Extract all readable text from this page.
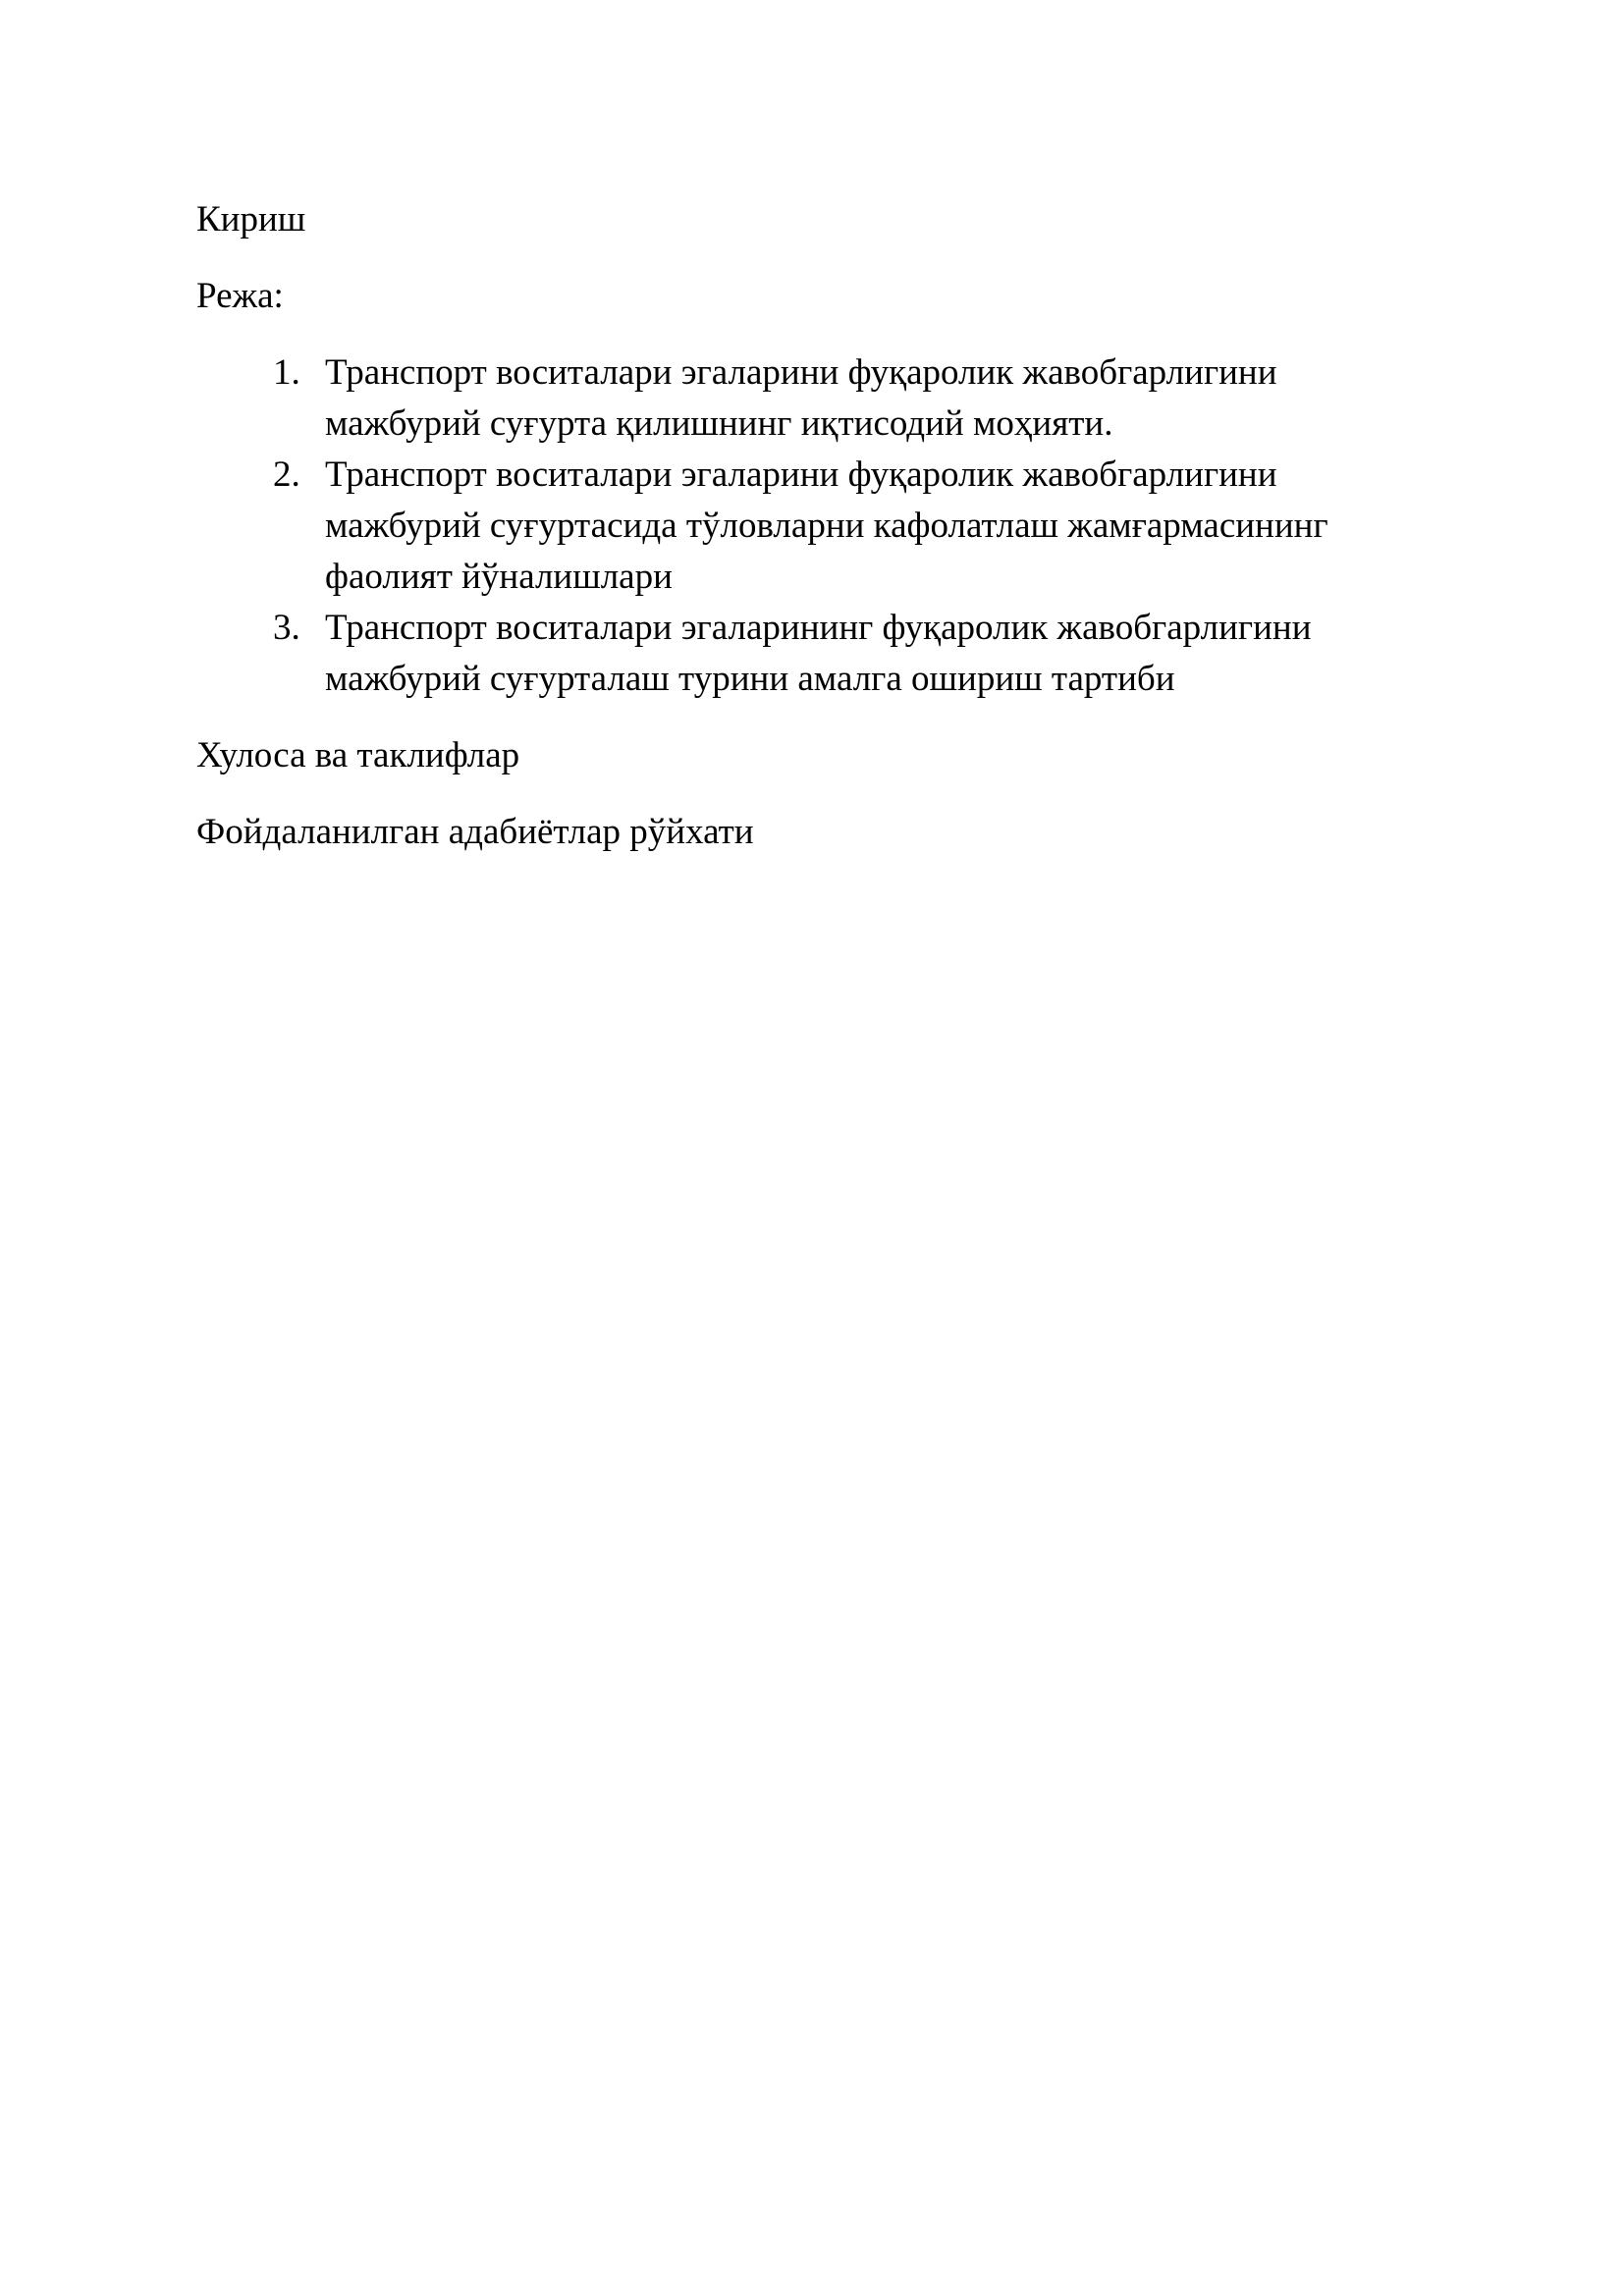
Кириш

Режа:

1. Транспорт воситалари эгаларини фуқаролик жавобгарлигини мажбурий суғурта қилишнинг иқтисодий моҳияти.
2. Транспорт воситалари эгаларини фуқаролик жавобгарлигини мажбурий суғуртасида тўловларни кафолатлаш жамғармасининг фаолият йўналишлари
3. Транспорт воситалари эгаларининг фуқаролик жавобгарлигини мажбурий суғурталаш турини амалга ошириш тартиби

Хулоса ва таклифлар

Фойдаланилган адабиётлар рўйхати
